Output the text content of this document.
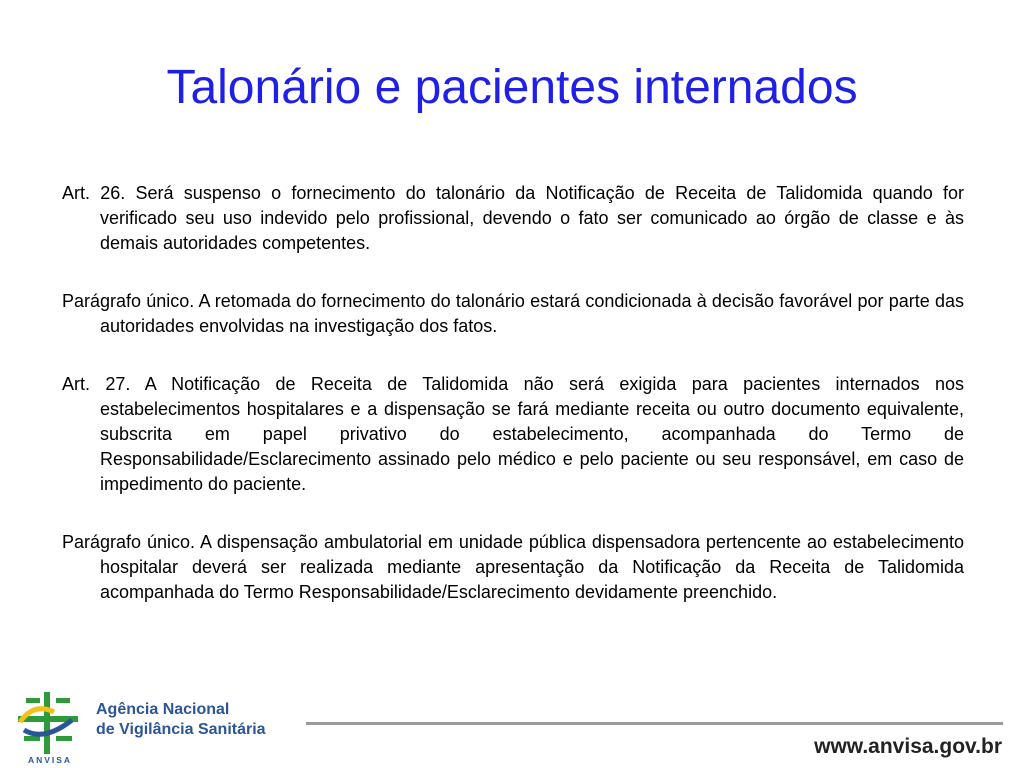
Talonário e pacientes internados

Art. 26. Será suspenso o fornecimento do talonário da Notificação de Receita de Talidomida quando for verificado seu uso indevido pelo profissional, devendo o fato ser comunicado ao órgão de classe e às demais autoridades competentes.

Parágrafo único. A retomada do fornecimento do talonário estará condicionada à decisão favorável por parte das autoridades envolvidas na investigação dos fatos.

Art. 27. A Notificação de Receita de Talidomida não será exigida para pacientes internados nos estabelecimentos hospitalares e a dispensação se fará mediante receita ou outro documento equivalente, subscrita em papel privativo do estabelecimento, acompanhada do Termo de Responsabilidade/Esclarecimento assinado pelo médico e pelo paciente ou seu responsável, em caso de impedimento do paciente.

Parágrafo único. A dispensação ambulatorial em unidade pública dispensadora pertencente ao estabelecimento hospitalar deverá ser realizada mediante apresentação da Notificação da Receita de Talidomida acompanhada do Termo Responsabilidade/Esclarecimento devidamente preenchido.

ANVISA
Agência Nacional
de Vigilância Sanitária
www.anvisa.gov.br
